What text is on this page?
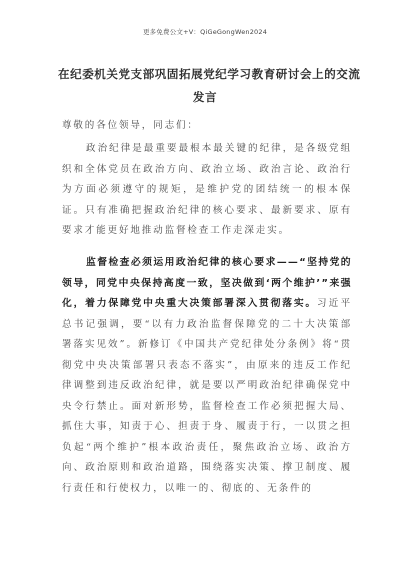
更多免费公文+V：QiGeGongWen2024
在纪委机关党支部巩固拓展党纪学习教育研讨会上的交流
发言
尊敬的各位领导，同志们：
政治纪律是最重要最根本最关键的纪律，是各级党组织和全体党员在政治方向、政治立场、政治言论、政治行为方面必须遵守的规矩，是维护党的团结统一的根本保证。只有准确把握政治纪律的核心要求、最新要求、原有要求才能更好地推动监督检查工作走深走实。
监督检查必须运用政治纪律的核心要求——“坚持党的领导，同党中央保持高度一致，坚决做到‘两个维护’”来强化，着力保障党中央重大决策部署深入贯彻落实。习近平总书记强调，要“以有力政治监督保障党的二十大决策部署落实见效”。新修订《中国共产党纪律处分条例》将“贯彻党中央决策部署只表态不落实”，由原来的违反工作纪律调整到违反政治纪律，就是要以严明政治纪律确保党中央令行禁止。面对新形势，监督检查工作必须把握大局、抓住大事，知责于心、担责于身、履责于行，一以贯之担负起“两个维护”根本政治责任，聚焦政治立场、政治方向、政治原则和政治道路，围绕落实决策、撑卫制度、履行责任和行使权力，以唯一的、彻底的、无条件的
